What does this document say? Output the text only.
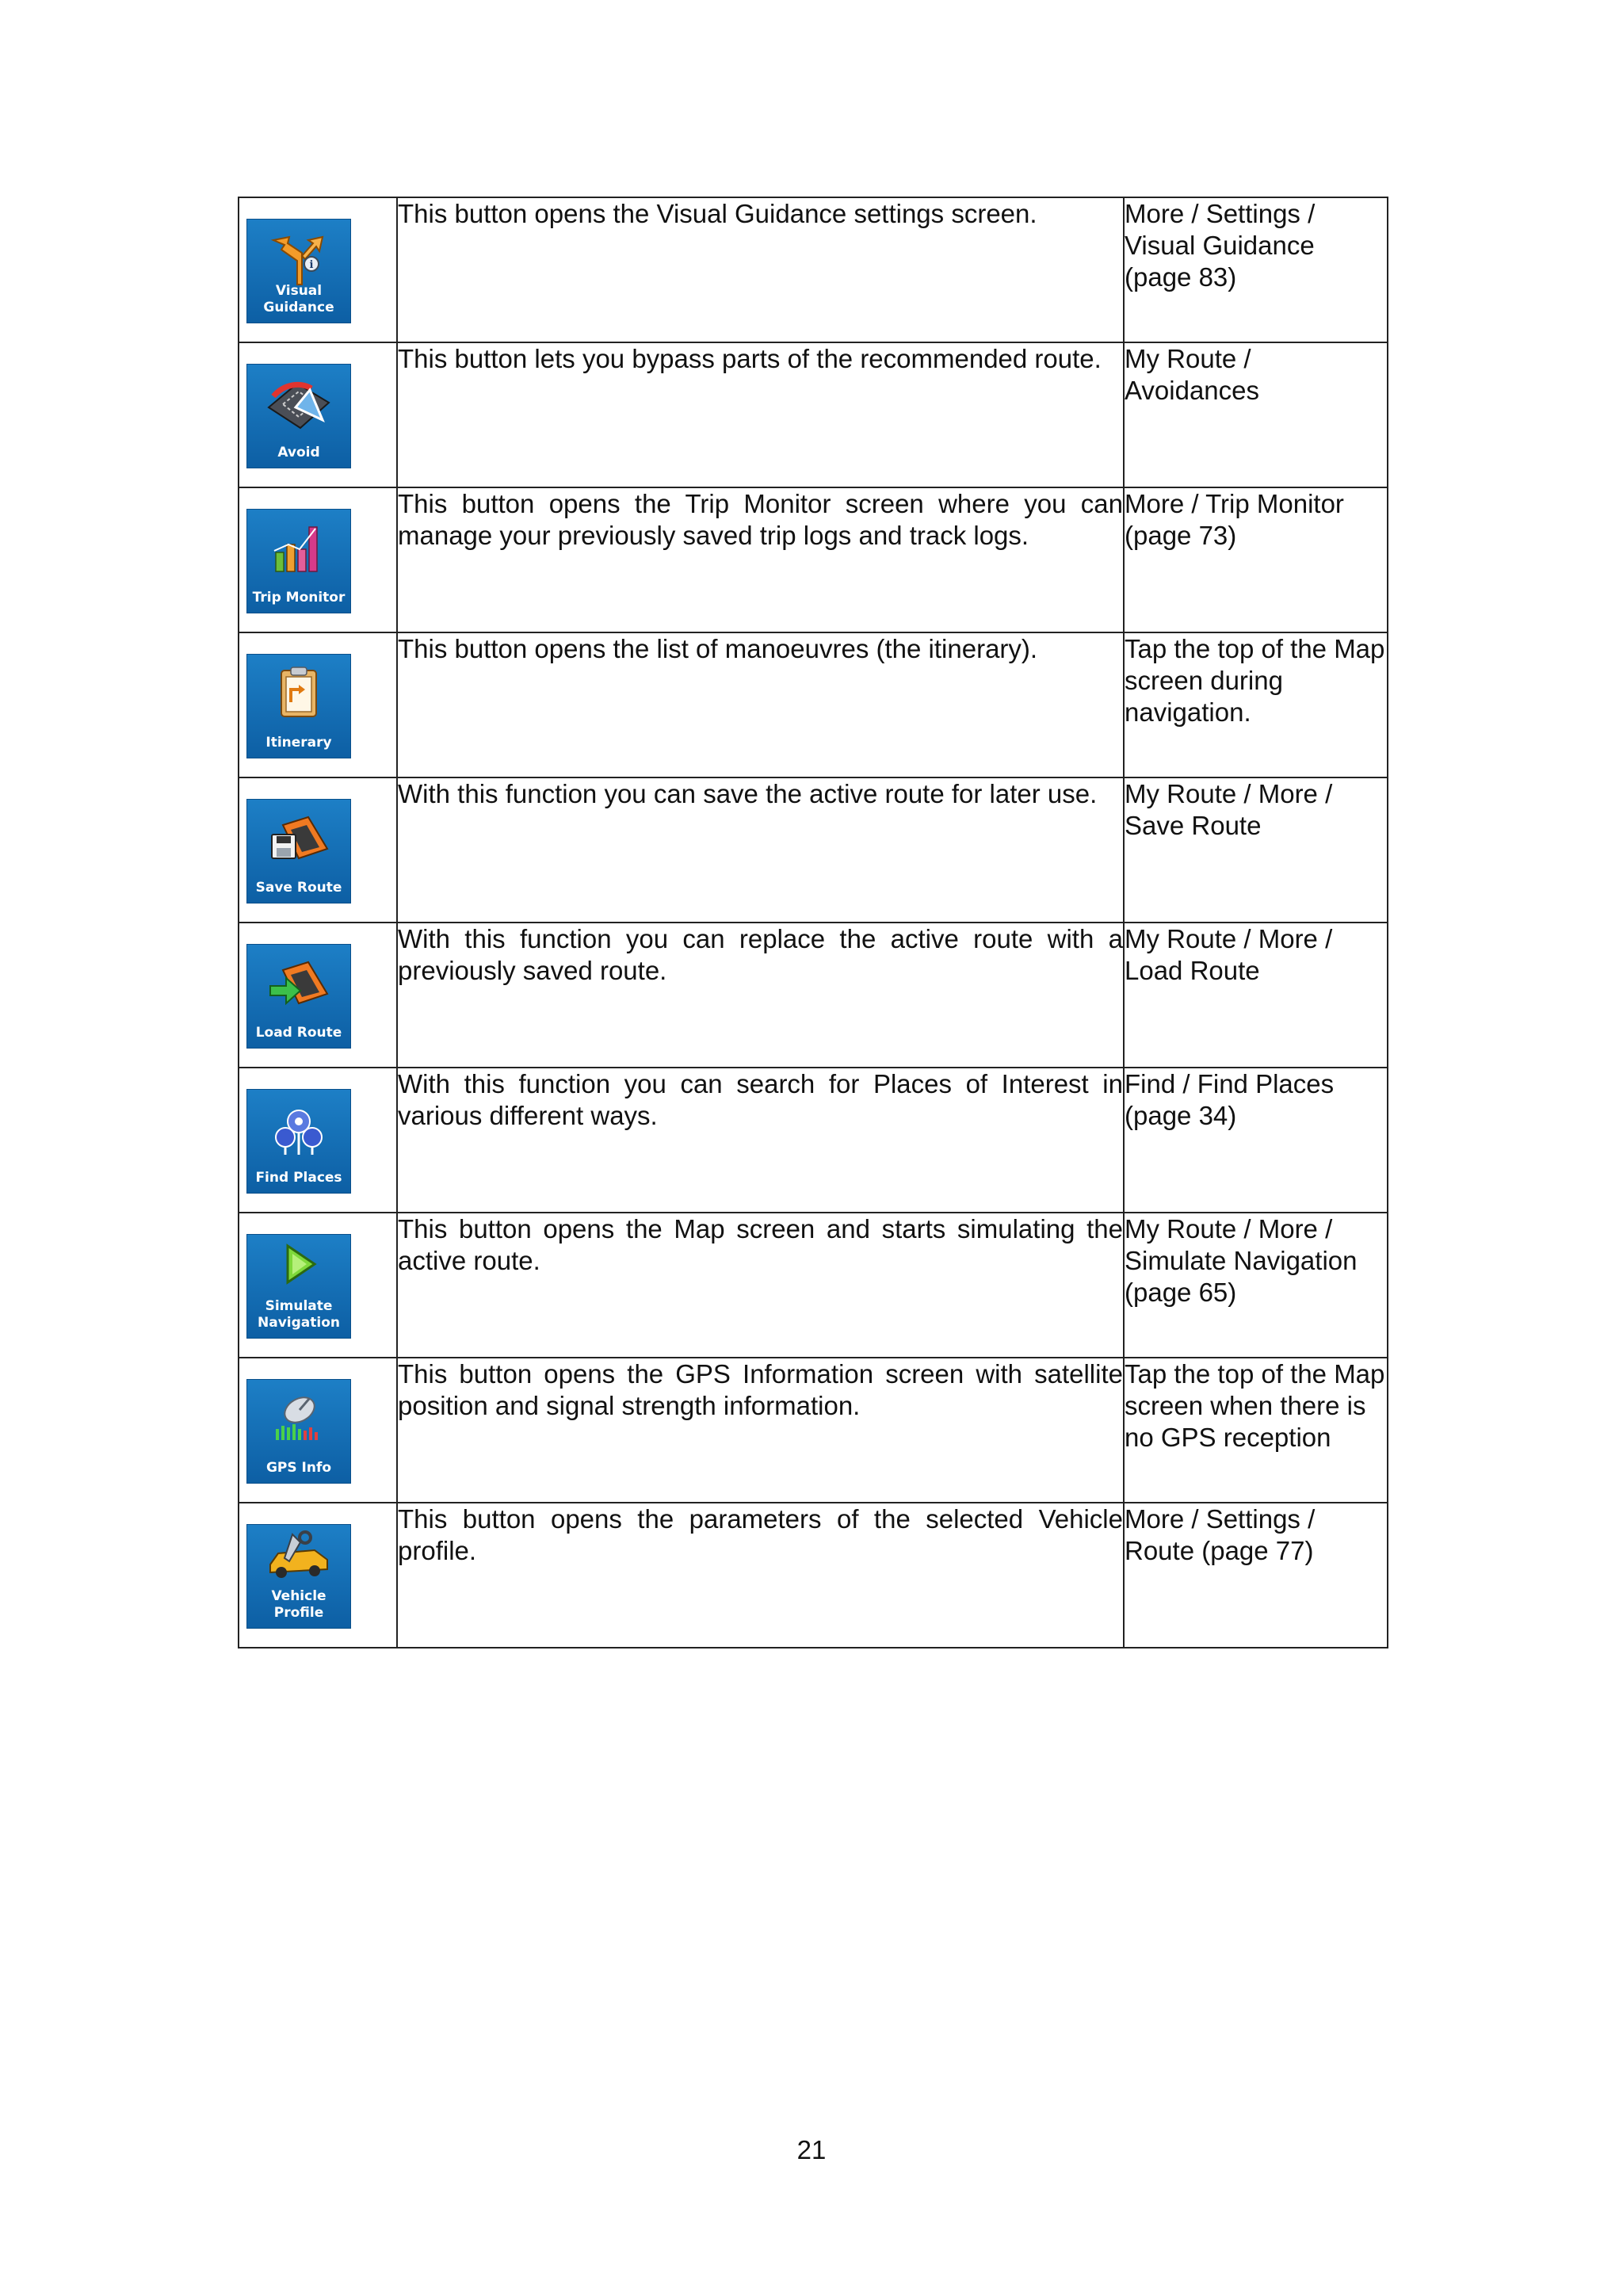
i
Visual Guidance	This button opens the Visual Guidance settings screen.	More / Settings / Visual Guidance (page 83)

Avoid	This button lets you bypass parts of the recommended route.	My Route / Avoidances

Trip Monitor	This button opens the Trip Monitor screen where you can manage your previously saved trip logs and track logs.	More / Trip Monitor (page 73)

Itinerary	This button opens the list of manoeuvres (the itinerary).	Tap the top of the Map screen during navigation.

Save Route	With this function you can save the active route for later use.	My Route / More / Save Route

Load Route	With this function you can replace the active route with a previously saved route.	My Route / More / Load Route

Find Places	With this function you can search for Places of Interest in various different ways.	Find / Find Places (page 34)

Simulate Navigation	This button opens the Map screen and starts simulating the active route.	My Route / More / Simulate Navigation (page 65)

GPS Info	This button opens the GPS Information screen with satellite position and signal strength information.	Tap the top of the Map screen when there is no GPS reception

Vehicle Profile	This button opens the parameters of the selected Vehicle profile.	More / Settings / Route (page 77)
21
